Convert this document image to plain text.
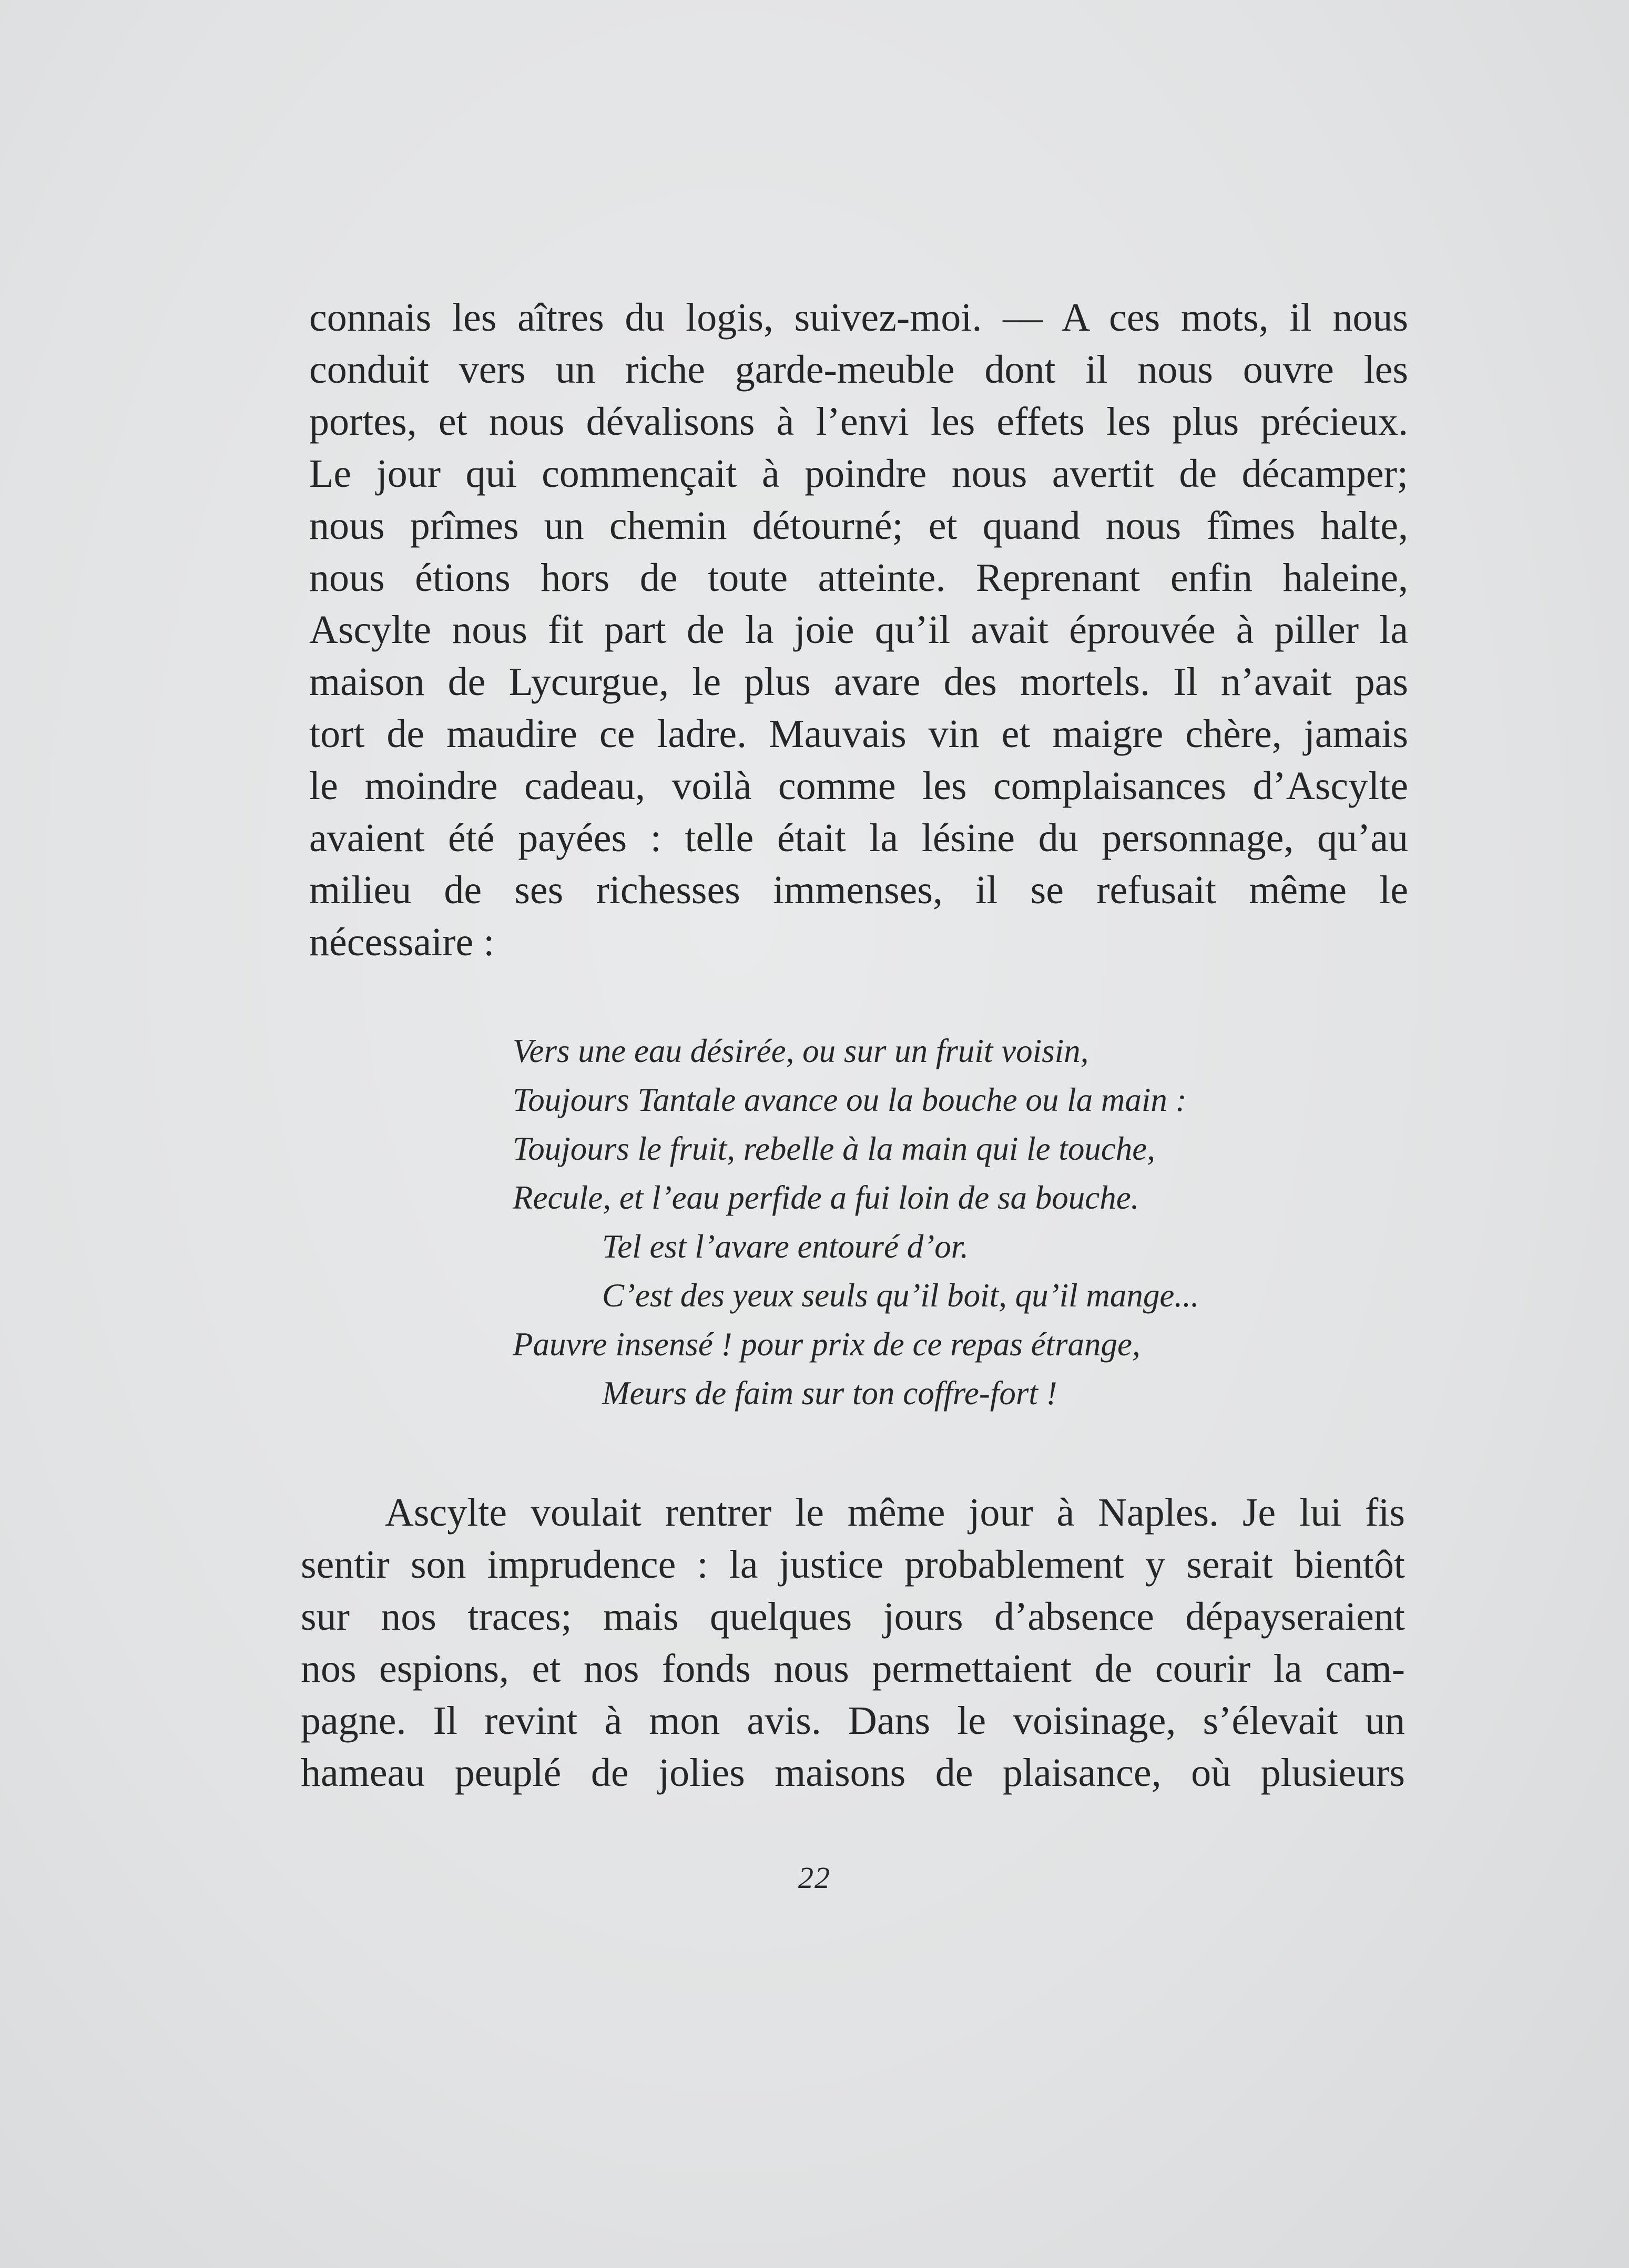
connais les aîtres du logis, suivez-moi. — A ces mots, il nous
conduit vers un riche garde-meuble dont il nous ouvre les
portes, et nous dévalisons à l’envi les effets les plus précieux.
Le jour qui commençait à poindre nous avertit de décamper;
nous prîmes un chemin détourné; et quand nous fîmes halte,
nous étions hors de toute atteinte. Reprenant enfin haleine,
Ascylte nous fit part de la joie qu’il avait éprouvée à piller la
maison de Lycurgue, le plus avare des mortels. Il n’avait pas
tort de maudire ce ladre. Mauvais vin et maigre chère, jamais
le moindre cadeau, voilà comme les complaisances d’Ascylte
avaient été payées : telle était la lésine du personnage, qu’au
milieu de ses richesses immenses, il se refusait même le
nécessaire :

Vers une eau désirée, ou sur un fruit voisin,
Toujours Tantale avance ou la bouche ou la main :
Toujours le fruit, rebelle à la main qui le touche,
Recule, et l’eau perfide a fui loin de sa bouche.
Tel est l’avare entouré d’or.
C’est des yeux seuls qu’il boit, qu’il mange...
Pauvre insensé ! pour prix de ce repas étrange,
Meurs de faim sur ton coffre-fort !

Ascylte voulait rentrer le même jour à Naples. Je lui fis
sentir son imprudence : la justice probablement y serait bientôt
sur nos traces; mais quelques jours d’absence dépayseraient
nos espions, et nos fonds nous permettaient de courir la cam-
pagne. Il revint à mon avis. Dans le voisinage, s’élevait un
hameau peuplé de jolies maisons de plaisance, où plusieurs

22
